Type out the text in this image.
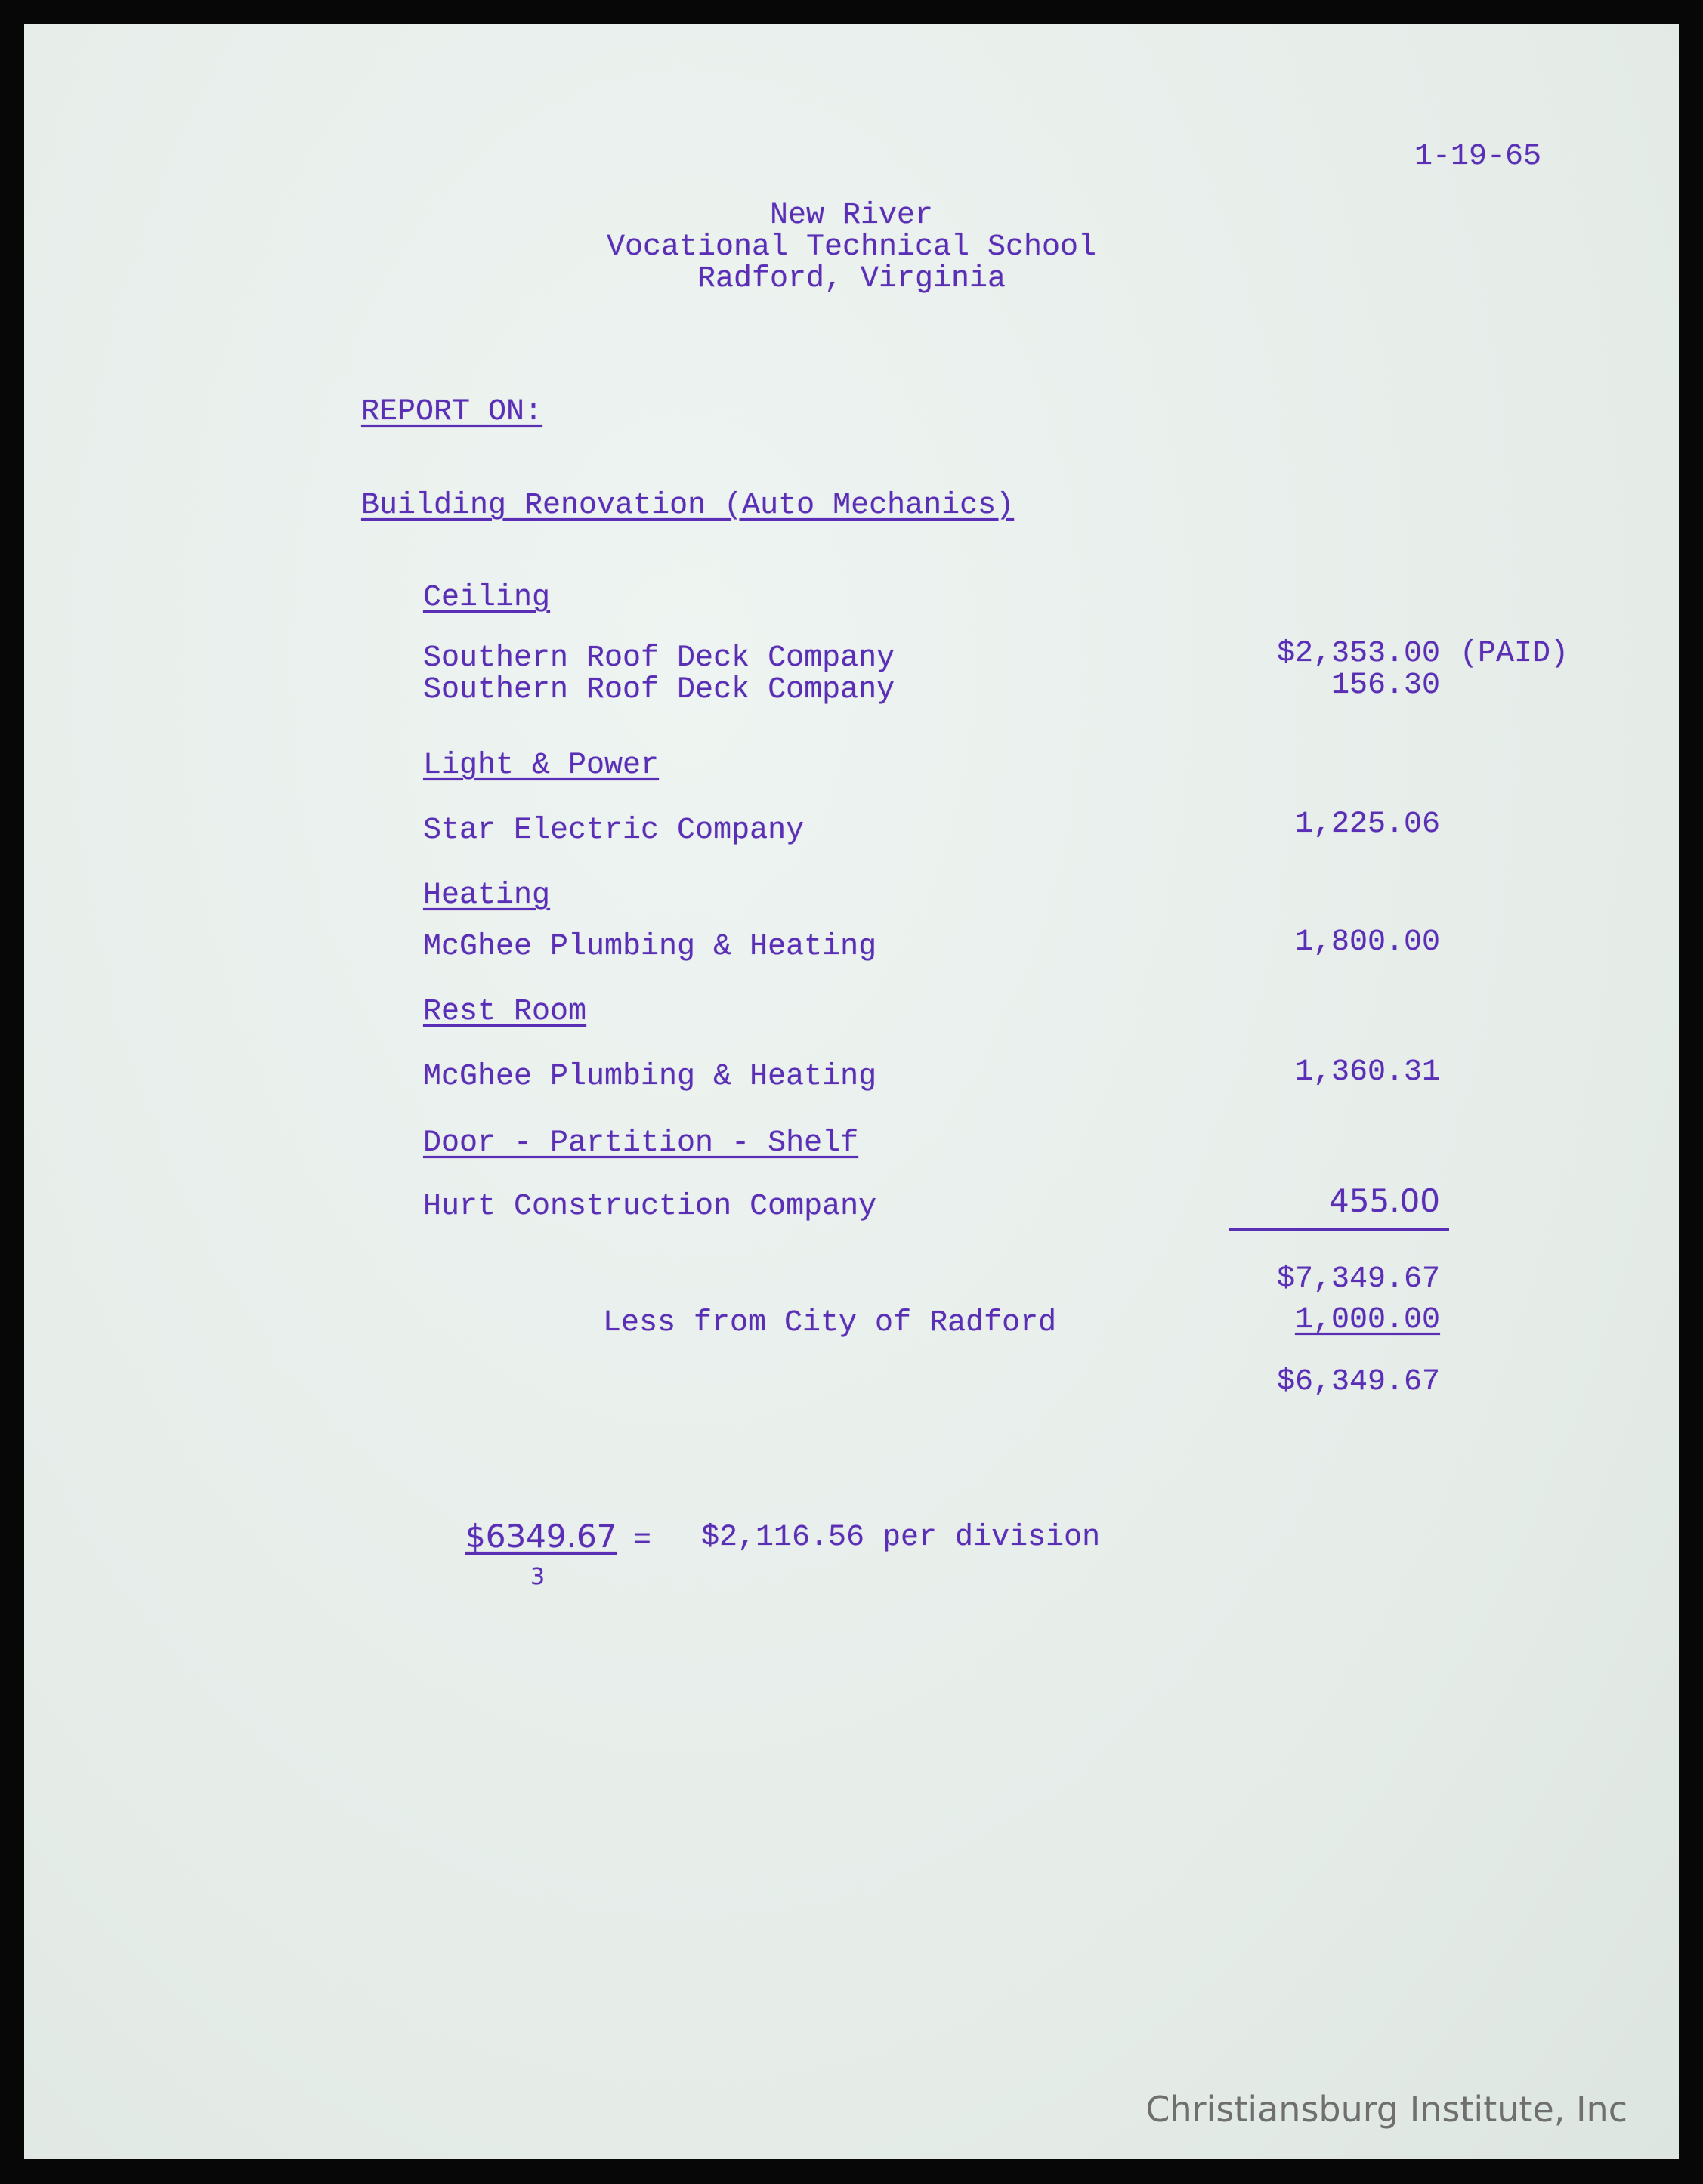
1-19-65
New River
Vocational Technical School
Radford, Virginia
REPORT ON:
Building Renovation (Auto Mechanics)
Ceiling
Southern Roof Deck Company	$2,353.00 (PAID)
Southern Roof Deck Company	156.30
Light & Power
Star Electric Company	1,225.06
Heating
McGhee Plumbing & Heating	1,800.00
Rest Room
McGhee Plumbing & Heating	1,360.31
Door - Partition - Shelf
Hurt Construction Company	455.00
$7,349.67
Less from City of Radford	1,000.00
$6,349.67
$6349.67
3
= $2,116.56 per division
Christiansburg Institute, Inc
